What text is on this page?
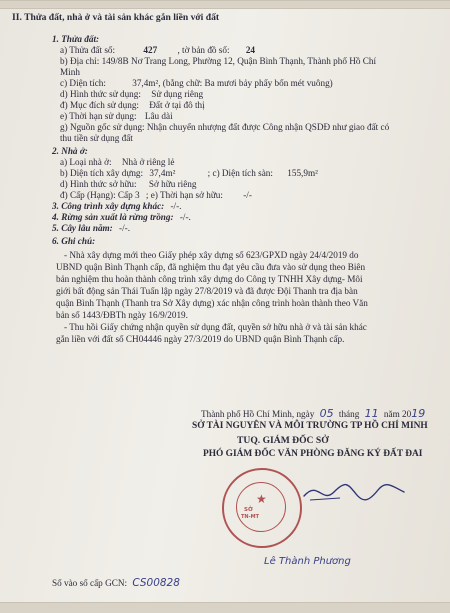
II. Thửa đất, nhà ở và tài sản khác gắn liền với đất
1. Thửa đất:
a) Thửa đất số:	427 , tờ bản đồ số: 24
b) Địa chỉ: 149/8B Nơ Trang Long, Phường 12, Quận Bình Thạnh, Thành phố Hồ Chí
Minh
c) Diện tích:	37,4m², (bằng chữ: Ba mươi bảy phẩy bốn mét vuông)
d) Hình thức sử dụng: Sử dụng riêng
đ) Mục đích sử dụng: Đất ở tại đô thị
e) Thời hạn sử dụng: Lâu dài
g) Nguồn gốc sử dụng: Nhận chuyển nhượng đất được Công nhận QSDĐ như giao đất có
thu tiền sử dụng đất
2. Nhà ở:
a) Loại nhà ở: Nhà ở riêng lẻ
b) Diện tích xây dựng: 37,4m²	; c) Diện tích sàn: 155,9m²
d) Hình thức sở hữu: Sở hữu riêng
đ) Cấp (Hạng): Cấp 3 ; e) Thời hạn sở hữu: -/-
3. Công trình xây dựng khác: -/-.
4. Rừng sản xuất là rừng trồng: -/-.
5. Cây lâu năm: -/-.
6. Ghi chú:
- Nhà xây dựng mới theo Giấy phép xây dựng số 623/GPXD ngày 24/4/2019 do
UBND quận Bình Thạnh cấp, đã nghiệm thu đạt yêu cầu đưa vào sử dụng theo Biên
bản nghiệm thu hoàn thành công trình xây dựng do Công ty TNHH Xây dựng- Môi
giới bất động sản Thái Tuấn lập ngày 27/8/2019 và đã được Đội Thanh tra địa bàn
quận Bình Thạnh (Thanh tra Sở Xây dựng) xác nhận công trình hoàn thành theo Văn
bản số 1443/ĐBTh ngày 16/9/2019.
- Thu hồi Giấy chứng nhận quyền sử dụng đất, quyền sở hữu nhà ở và tài sản khác
gắn liền với đất số CH04446 ngày 27/3/2019 do UBND quận Bình Thạnh cấp.
Thành phố Hồ Chí Minh, ngày 05 tháng 11 năm 2019
SỞ TÀI NGUYÊN VÀ MÔI TRƯỜNG TP HỒ CHÍ MINH
TUQ. GIÁM ĐỐC SỞ
PHÓ GIÁM ĐỐC VĂN PHÒNG ĐĂNG KÝ ĐẤT ĐAI
★
SỞ
TN-MT
Lê Thành Phương
Số vào sổ cấp GCN: CS00828
